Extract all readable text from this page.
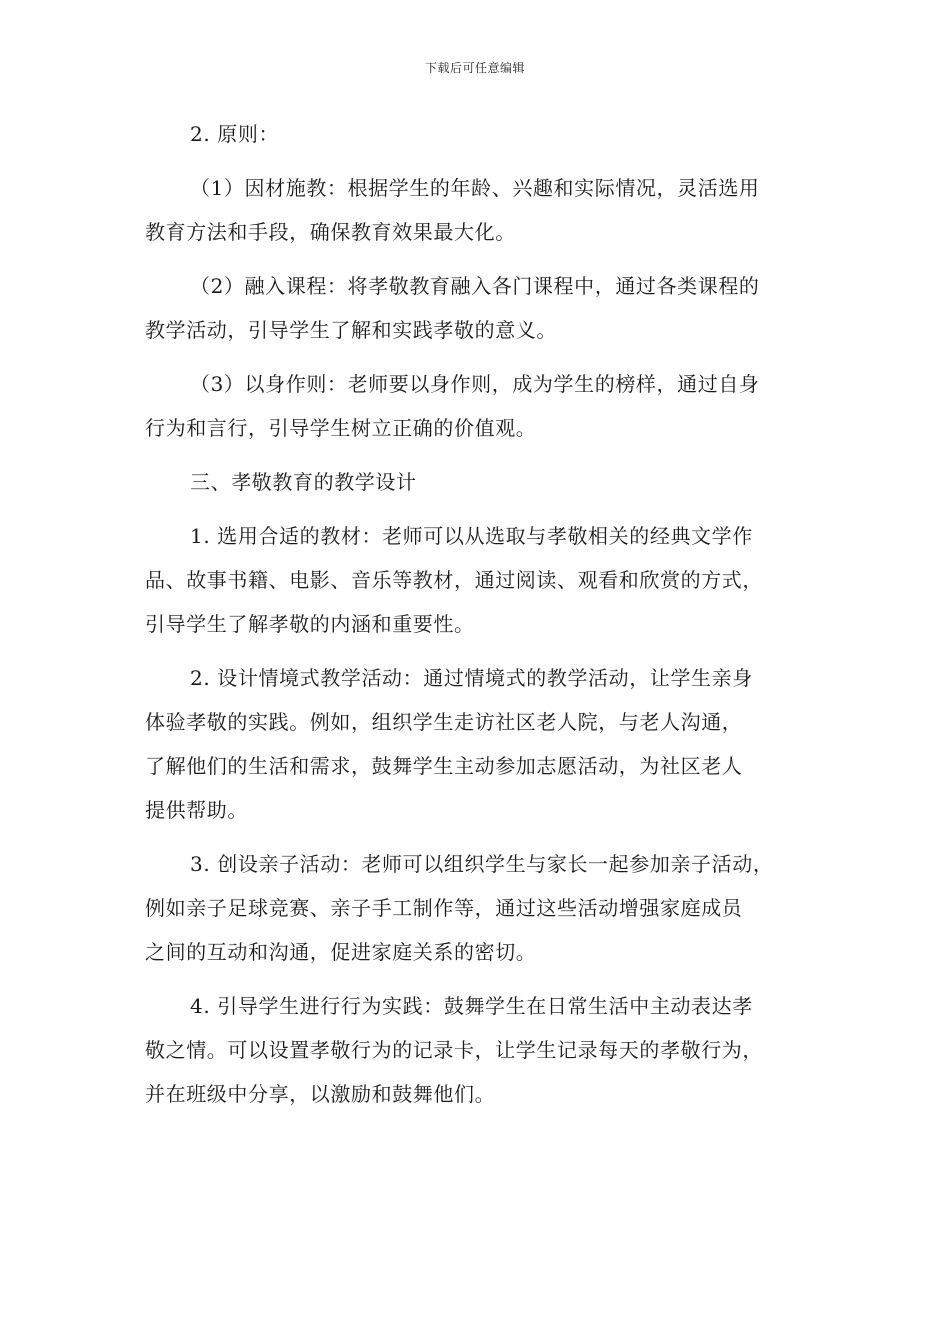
下载后可任意编辑

2. 原则：

（1）因材施教：根据学生的年龄、兴趣和实际情况，灵活选用
教育方法和手段，确保教育效果最大化。

（2）融入课程：将孝敬教育融入各门课程中，通过各类课程的
教学活动，引导学生了解和实践孝敬的意义。

（3）以身作则：老师要以身作则，成为学生的榜样，通过自身
行为和言行，引导学生树立正确的价值观。

三、孝敬教育的教学设计

1. 选用合适的教材：老师可以从选取与孝敬相关的经典文学作
品、故事书籍、电影、音乐等教材，通过阅读、观看和欣赏的方式，
引导学生了解孝敬的内涵和重要性。

2. 设计情境式教学活动：通过情境式的教学活动，让学生亲身
体验孝敬的实践。例如，组织学生走访社区老人院，与老人沟通，
了解他们的生活和需求，鼓舞学生主动参加志愿活动，为社区老人
提供帮助。

3. 创设亲子活动：老师可以组织学生与家长一起参加亲子活动，
例如亲子足球竞赛、亲子手工制作等，通过这些活动增强家庭成员
之间的互动和沟通，促进家庭关系的密切。

4. 引导学生进行行为实践：鼓舞学生在日常生活中主动表达孝
敬之情。可以设置孝敬行为的记录卡，让学生记录每天的孝敬行为，
并在班级中分享，以激励和鼓舞他们。
